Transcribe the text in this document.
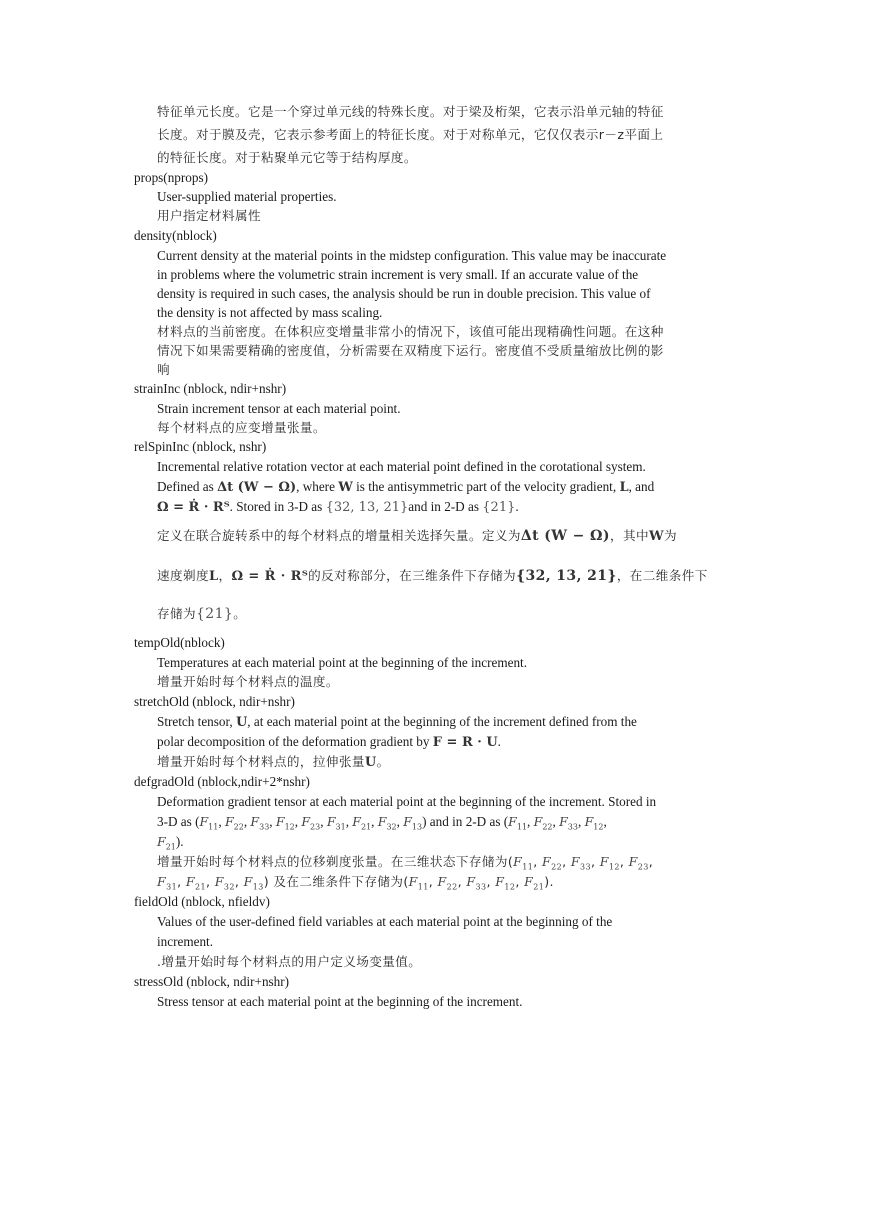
特征单元长度。它是一个穿过单元线的特殊长度。对于梁及桁架，它表示沿单元轴的特征
长度。对于膜及壳，它表示参考面上的特征长度。对于对称单元，它仅仅表示r－z平面上
的特征长度。对于粘聚单元它等于结构厚度。
props(nprops)
User-supplied material properties.
用户指定材料属性
density(nblock)
Current density at the material points in the midstep configuration. This value may be inaccurate
in problems where the volumetric strain increment is very small. If an accurate value of the
density is required in such cases, the analysis should be run in double precision. This value of
the density is not affected by mass scaling.
材料点的当前密度。在体积应变增量非常小的情况下，该值可能出现精确性问题。在这种
情况下如果需要精确的密度值，分析需要在双精度下运行。密度值不受质量缩放比例的影
响
strainInc (nblock, ndir+nshr)
Strain increment tensor at each material point.
每个材料点的应变增量张量。
relSpinInc (nblock, nshr)
Incremental relative rotation vector at each material point defined in the corotational system.
Defined as Δt (W − Ω), where W is the antisymmetric part of the velocity gradient, L, and
Ω = Ṙ · Rᵀ. Stored in 3-D as {32, 13, 21}and in 2-D as {21}.
定义在联合旋转系中的每个材料点的增量相关选择矢量。定义为Δt (W − Ω)，其中W为
速度剃度L，Ω = Ṙ · Rᵀ的反对称部分，在三维条件下存储为{32, 13, 21}，在二维条件下
存储为{21}。
tempOld(nblock)
Temperatures at each material point at the beginning of the increment.
增量开始时每个材料点的温度。
stretchOld (nblock, ndir+nshr)
Stretch tensor, U, at each material point at the beginning of the increment defined from the
polar decomposition of the deformation gradient by F = R · U.
增量开始时每个材料点的，拉伸张量U。
defgradOld (nblock,ndir+2*nshr)
Deformation gradient tensor at each material point at the beginning of the increment. Stored in
3-D as ($F_{11}$, $F_{22}$, $F_{33}$, $F_{12}$, $F_{23}$, $F_{31}$, $F_{21}$, $F_{32}$, $F_{13}$) and in 2-D as ($F_{11}$, $F_{22}$, $F_{33}$, $F_{12}$,
$F_{21}$).
增量开始时每个材料点的位移剃度张量。在三维状态下存储为($F_{11}$, $F_{22}$, $F_{33}$, $F_{12}$, $F_{23}$,
$F_{31}$, $F_{21}$, $F_{32}$, $F_{13}$) 及在二维条件下存储为($F_{11}$, $F_{22}$, $F_{33}$, $F_{12}$, $F_{21}$).
fieldOld (nblock, nfieldv)
Values of the user-defined field variables at each material point at the beginning of the
increment.
.增量开始时每个材料点的用户定义场变量值。
stressOld (nblock, ndir+nshr)
Stress tensor at each material point at the beginning of the increment.
